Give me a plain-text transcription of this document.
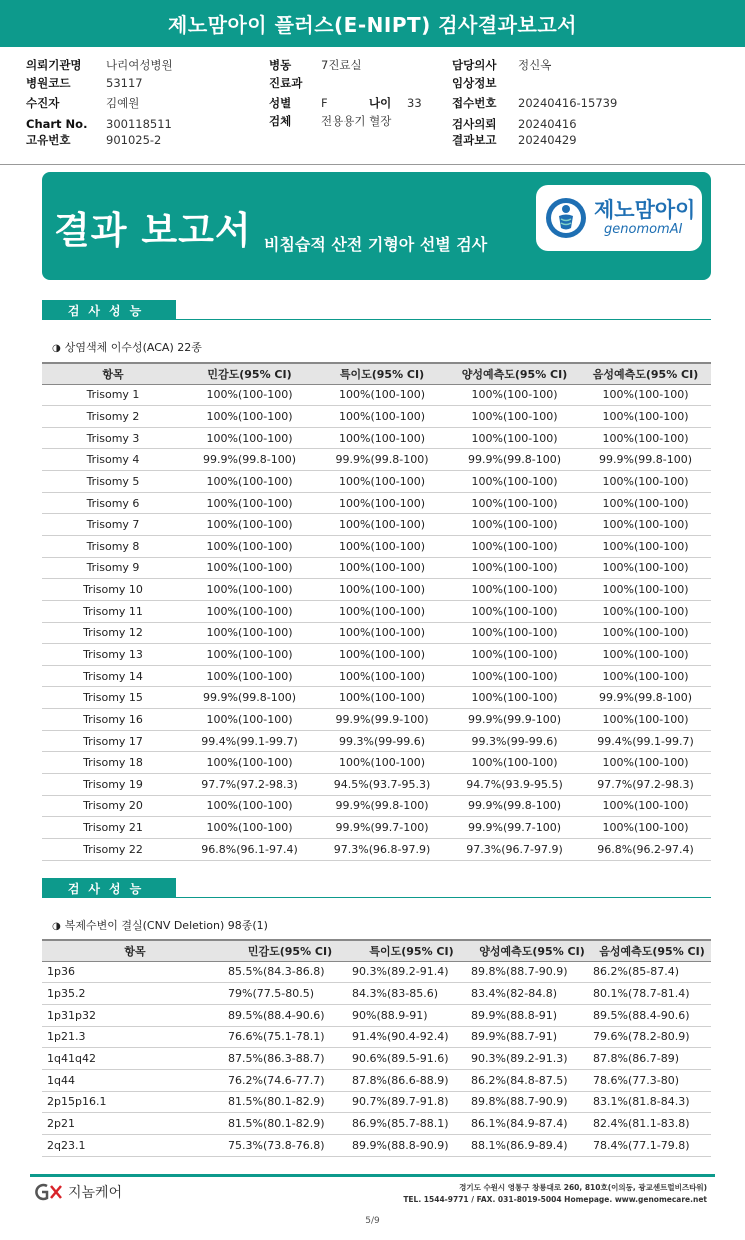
제노맘아이 플러스(E-NIPT) 검사결과보고서
의뢰기관명	나리여성병원
병원코드	53117
수진자	김예원
Chart No.	300118511
고유번호	901025-2
병동	7진료실
진료과
성별	F	나이	33
검체	전용용기 혈장
담당의사	정신옥
임상정보
접수번호	20240416-15739
검사의뢰	20240416
결과보고	20240429
결과 보고서 비침습적 산전 기형아 선별 검사
제노맘아이
genomomAI
검사성능
◑ 상염색체 이수성(ACA) 22종
항목	민감도(95% CI)	특이도(95% CI)	양성예측도(95% CI)	음성예측도(95% CI)
Trisomy 1	100%(100-100)	100%(100-100)	100%(100-100)	100%(100-100)
Trisomy 2	100%(100-100)	100%(100-100)	100%(100-100)	100%(100-100)
Trisomy 3	100%(100-100)	100%(100-100)	100%(100-100)	100%(100-100)
Trisomy 4	99.9%(99.8-100)	99.9%(99.8-100)	99.9%(99.8-100)	99.9%(99.8-100)
Trisomy 5	100%(100-100)	100%(100-100)	100%(100-100)	100%(100-100)
Trisomy 6	100%(100-100)	100%(100-100)	100%(100-100)	100%(100-100)
Trisomy 7	100%(100-100)	100%(100-100)	100%(100-100)	100%(100-100)
Trisomy 8	100%(100-100)	100%(100-100)	100%(100-100)	100%(100-100)
Trisomy 9	100%(100-100)	100%(100-100)	100%(100-100)	100%(100-100)
Trisomy 10	100%(100-100)	100%(100-100)	100%(100-100)	100%(100-100)
Trisomy 11	100%(100-100)	100%(100-100)	100%(100-100)	100%(100-100)
Trisomy 12	100%(100-100)	100%(100-100)	100%(100-100)	100%(100-100)
Trisomy 13	100%(100-100)	100%(100-100)	100%(100-100)	100%(100-100)
Trisomy 14	100%(100-100)	100%(100-100)	100%(100-100)	100%(100-100)
Trisomy 15	99.9%(99.8-100)	100%(100-100)	100%(100-100)	99.9%(99.8-100)
Trisomy 16	100%(100-100)	99.9%(99.9-100)	99.9%(99.9-100)	100%(100-100)
Trisomy 17	99.4%(99.1-99.7)	99.3%(99-99.6)	99.3%(99-99.6)	99.4%(99.1-99.7)
Trisomy 18	100%(100-100)	100%(100-100)	100%(100-100)	100%(100-100)
Trisomy 19	97.7%(97.2-98.3)	94.5%(93.7-95.3)	94.7%(93.9-95.5)	97.7%(97.2-98.3)
Trisomy 20	100%(100-100)	99.9%(99.8-100)	99.9%(99.8-100)	100%(100-100)
Trisomy 21	100%(100-100)	99.9%(99.7-100)	99.9%(99.7-100)	100%(100-100)
Trisomy 22	96.8%(96.1-97.4)	97.3%(96.8-97.9)	97.3%(96.7-97.9)	96.8%(96.2-97.4)
검사성능
◑ 복제수변이 결실(CNV Deletion) 98종(1)
항목	민감도(95% CI)	특이도(95% CI)	양성예측도(95% CI)	음성예측도(95% CI)
1p36	85.5%(84.3-86.8)	90.3%(89.2-91.4)	89.8%(88.7-90.9)	86.2%(85-87.4)
1p35.2	79%(77.5-80.5)	84.3%(83-85.6)	83.4%(82-84.8)	80.1%(78.7-81.4)
1p31p32	89.5%(88.4-90.6)	90%(88.9-91)	89.9%(88.8-91)	89.5%(88.4-90.6)
1p21.3	76.6%(75.1-78.1)	91.4%(90.4-92.4)	89.9%(88.7-91)	79.6%(78.2-80.9)
1q41q42	87.5%(86.3-88.7)	90.6%(89.5-91.6)	90.3%(89.2-91.3)	87.8%(86.7-89)
1q44	76.2%(74.6-77.7)	87.8%(86.6-88.9)	86.2%(84.8-87.5)	78.6%(77.3-80)
2p15p16.1	81.5%(80.1-82.9)	90.7%(89.7-91.8)	89.8%(88.7-90.9)	83.1%(81.8-84.3)
2p21	81.5%(80.1-82.9)	86.9%(85.7-88.1)	86.1%(84.9-87.4)	82.4%(81.1-83.8)
2q23.1	75.3%(73.8-76.8)	89.9%(88.8-90.9)	88.1%(86.9-89.4)	78.4%(77.1-79.8)
지놈케어	경기도 수원시 영통구 창룡대로 260, 810호(이의동, 광교센트럴비즈타워)
TEL. 1544-9771 / FAX. 031-8019-5004 Homepage. www.genomecare.net
5/9
